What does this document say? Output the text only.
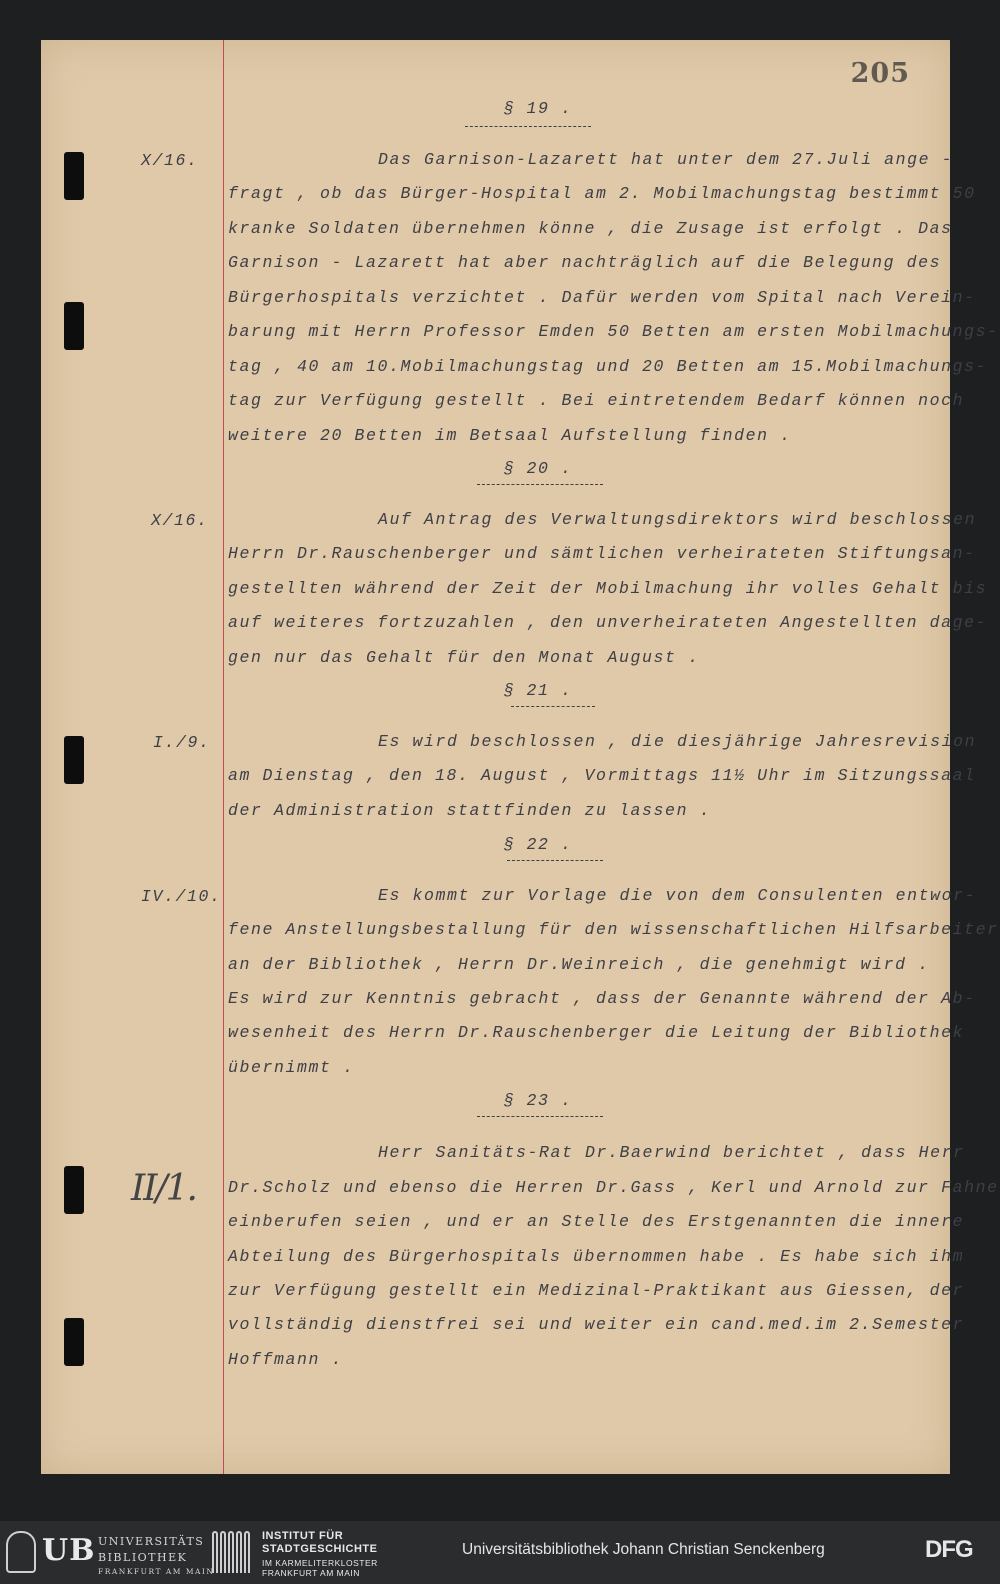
205
§ 19 .
X/16.	Das Garnison-Lazarett hat unter dem 27.Juli ange -
fragt , ob das Bürger-Hospital am 2. Mobilmachungstag bestimmt 50
kranke Soldaten übernehmen könne , die Zusage ist erfolgt . Das
Garnison - Lazarett hat aber nachträglich auf die Belegung des
Bürgerhospitals verzichtet . Dafür werden vom Spital nach Verein-
barung mit Herrn Professor Emden 50 Betten am ersten Mobilmachungs-
tag , 40 am 10.Mobilmachungstag und 20 Betten am 15.Mobilmachungs-
tag zur Verfügung gestellt . Bei eintretendem Bedarf können noch
weitere 20 Betten im Betsaal Aufstellung finden .
§ 20 .
X/16.	Auf Antrag des Verwaltungsdirektors wird beschlossen
Herrn Dr.Rauschenberger und sämtlichen verheirateten Stiftungsan-
gestellten während der Zeit der Mobilmachung ihr volles Gehalt bis
auf weiteres fortzuzahlen , den unverheirateten Angestellten dage-
gen nur das Gehalt für den Monat August .
§ 21 .
I./9.	Es wird beschlossen , die diesjährige Jahresrevision
am Dienstag , den 18. August , Vormittags 11½ Uhr im Sitzungssaal
der Administration stattfinden zu lassen .
§ 22 .
IV./10.	Es kommt zur Vorlage die von dem Consulenten entwor-
fene Anstellungsbestallung für den wissenschaftlichen Hilfsarbeiter
an der Bibliothek , Herrn Dr.Weinreich , die genehmigt wird .
Es wird zur Kenntnis gebracht , dass der Genannte während der Ab-
wesenheit des Herrn Dr.Rauschenberger die Leitung der Bibliothek
übernimmt .
§ 23 .
II/1.
Herr Sanitäts-Rat Dr.Baerwind berichtet , dass Herr
Dr.Scholz und ebenso die Herren Dr.Gass , Kerl und Arnold zur Fahne
einberufen seien , und er an Stelle des Erstgenannten die innere
Abteilung des Bürgerhospitals übernommen habe . Es habe sich ihm
zur Verfügung gestellt ein Medizinal-Praktikant aus Giessen, der
vollständig dienstfrei sei und weiter ein cand.med.im 2.Semester
Hoffmann .
UB UNIVERSITÄTS
BIBLIOTHEK
FRANKFURT AM MAIN
INSTITUT FÜR
STADTGESCHICHTE
IM KARMELITERKLOSTER
FRANKFURT AM MAIN
Universitätsbibliothek Johann Christian Senckenberg	DFG
